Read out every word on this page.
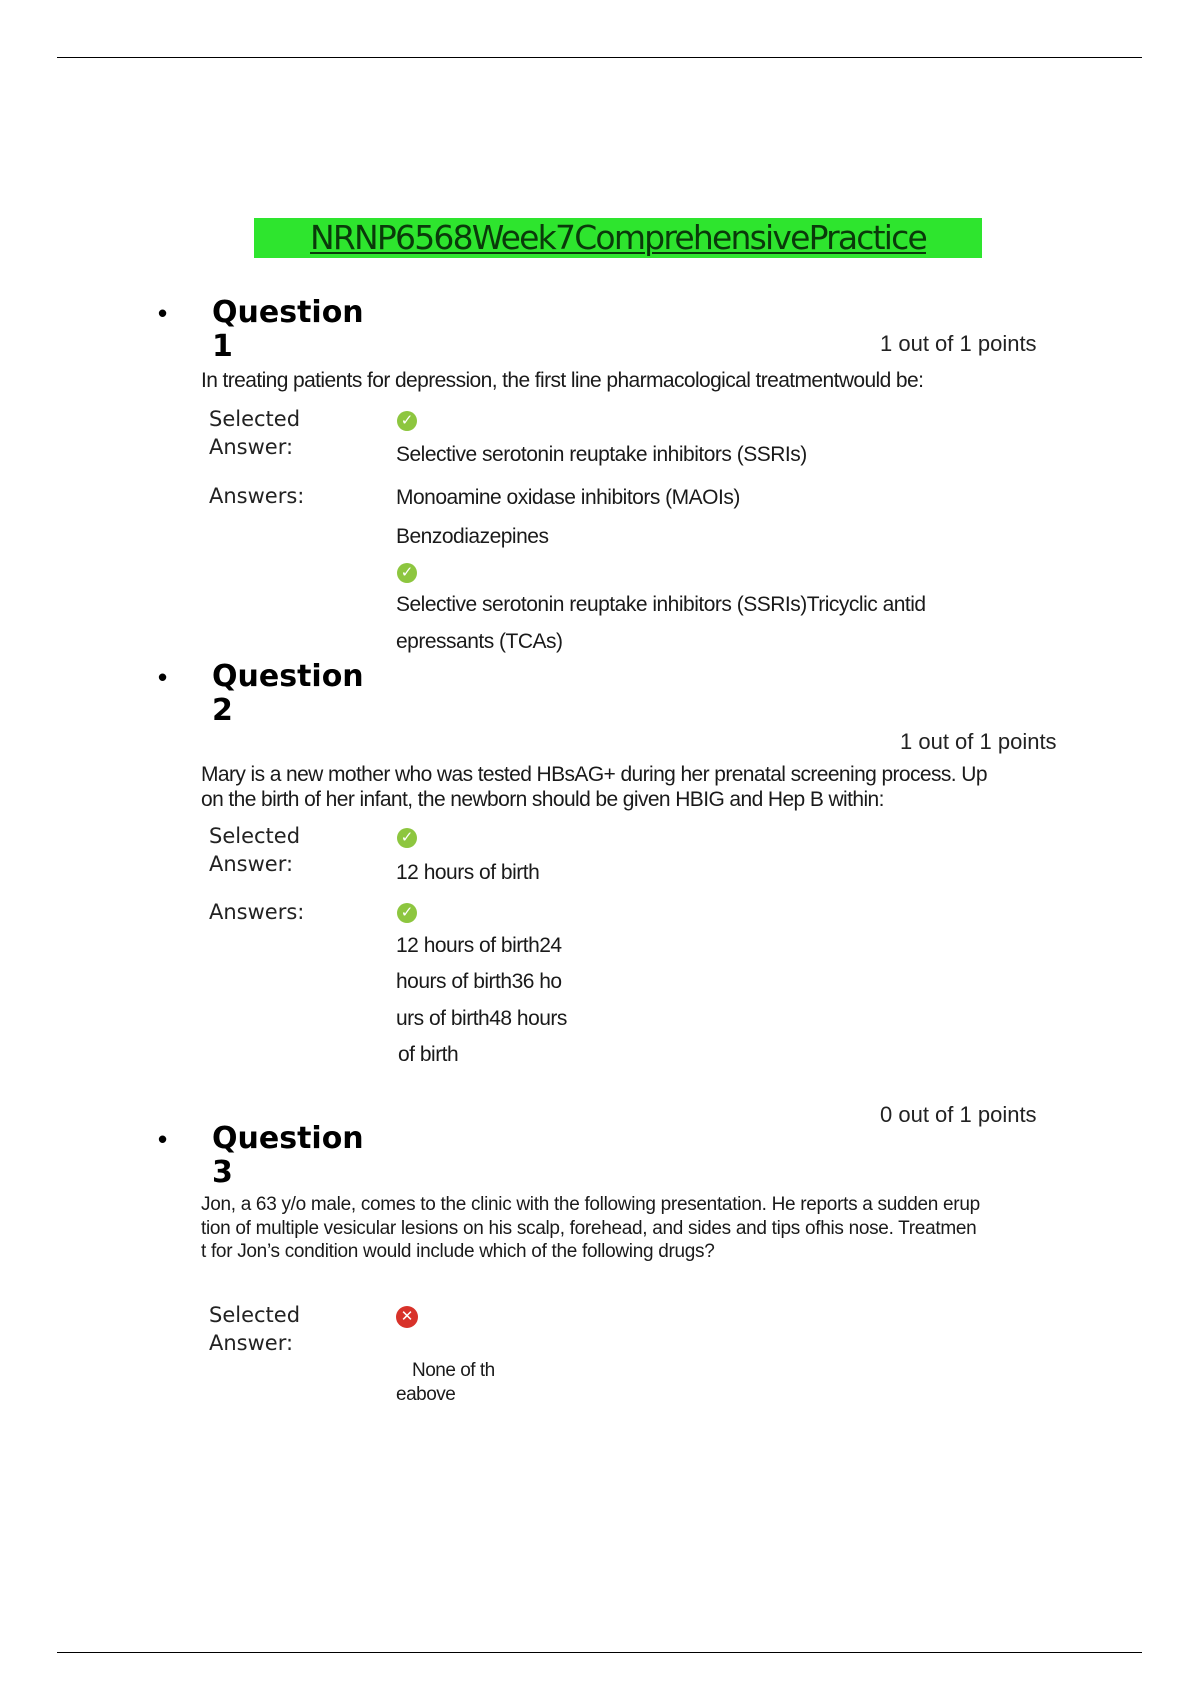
NRNP6568Week7ComprehensivePractice
• Question 1	1 out of 1 points
In treating patients for depression, the first line pharmacological treatmentwould be:
Selected Answer:
✓
Selective serotonin reuptake inhibitors (SSRIs)
Answers:	Monoamine oxidase inhibitors (MAOIs)
Benzodiazepines
✓
Selective serotonin reuptake inhibitors (SSRIs)Tricyclic antid
epressants (TCAs)
• Question 2
1 out of 1 points
Mary is a new mother who was tested HBsAG+ during her prenatal screening process. Up
on the birth of her infant, the newborn should be given HBIG and Hep B within:
Selected Answer:
✓
12 hours of birth
Answers:	✓
12 hours of birth24
hours of birth36 ho
urs of birth48 hours
of birth
0 out of 1 points
• Question 3
Jon, a 63 y/o male, comes to the clinic with the following presentation. He reports a sudden erup
tion of multiple vesicular lesions on his scalp, forehead, and sides and tips ofhis nose. Treatmen
t for Jon’s condition would include which of the following drugs?
Selected Answer:
✕
None of th
eabove
